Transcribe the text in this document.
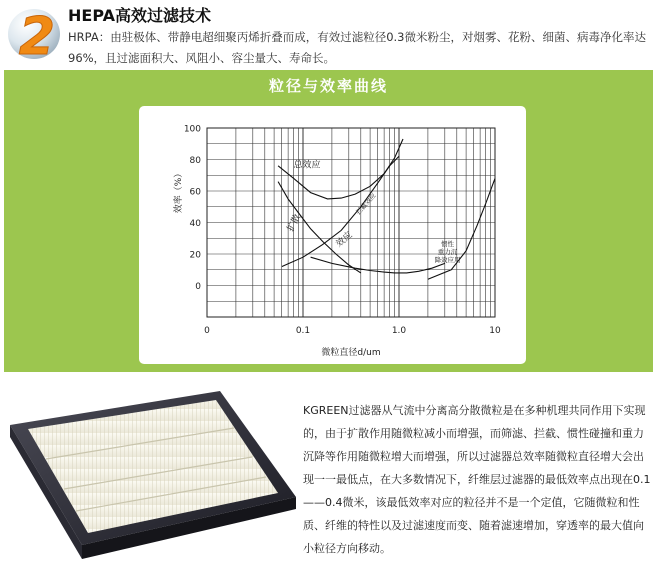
2 HEPA高效过滤技术
HRPA：由驻极体、带静电超细聚丙烯折叠而成，有效过滤粒径0.3微米粉尘，对烟雾、花粉、细菌、病毒净化率达96%，且过滤面积大、风阻小、容尘量大、寿命长。
粒径与效率曲线
0
20
40
60
80
100
0	0.1	1.0	10
微粒直径d/um
效率（%）
总效应
扩散
拦截效应
效应	惯性
重力沉
降效应用
KGREEN过滤器从气流中分离高分散微粒是在多种机理共同作用下实现的，由于扩散作用随微粒减小而增强，而筛滤、拦截、惯性碰撞和重力沉降等作用随微粒增大而增强，所以过滤器总效率随微粒直径增大会出现一一最低点，在大多数情况下，纤维层过滤器的最低效率点出现在0.1——0.4微米，该最低效率对应的粒径并不是一个定值，它随微粒和性质、纤维的特性以及过滤速度而变、随着滤速增加，穿透率的最大值向小粒径方向移动。
